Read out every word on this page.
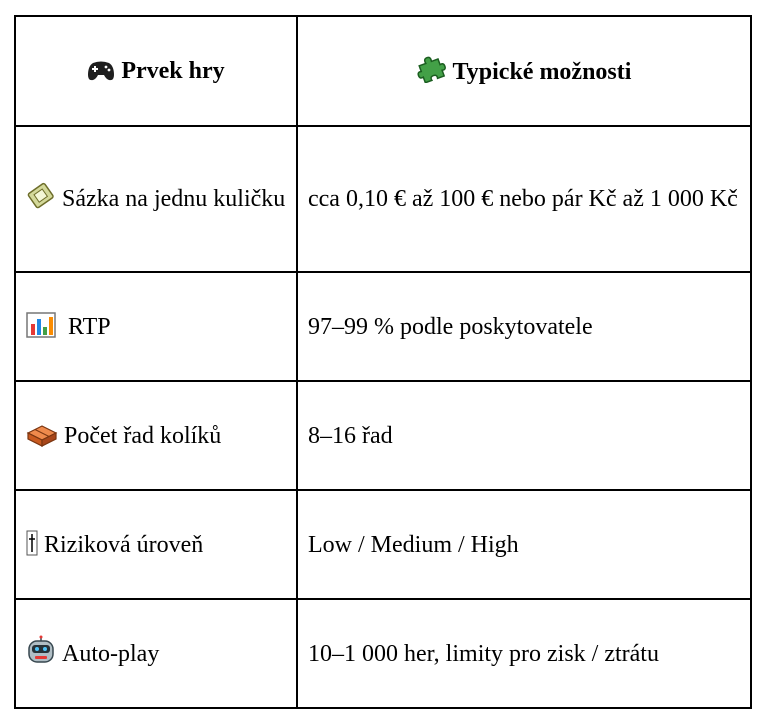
Prvek hry	Typické možnosti

Sázka na jednu kuličku	cca 0,10 € až 100 € nebo pár Kč až 1 000 Kč

RTP	97–99 % podle poskytovatele

Počet řad kolíků	8–16 řad

Riziková úroveň	Low / Medium / High

Auto-play	10–1 000 her, limity pro zisk / ztrátu
